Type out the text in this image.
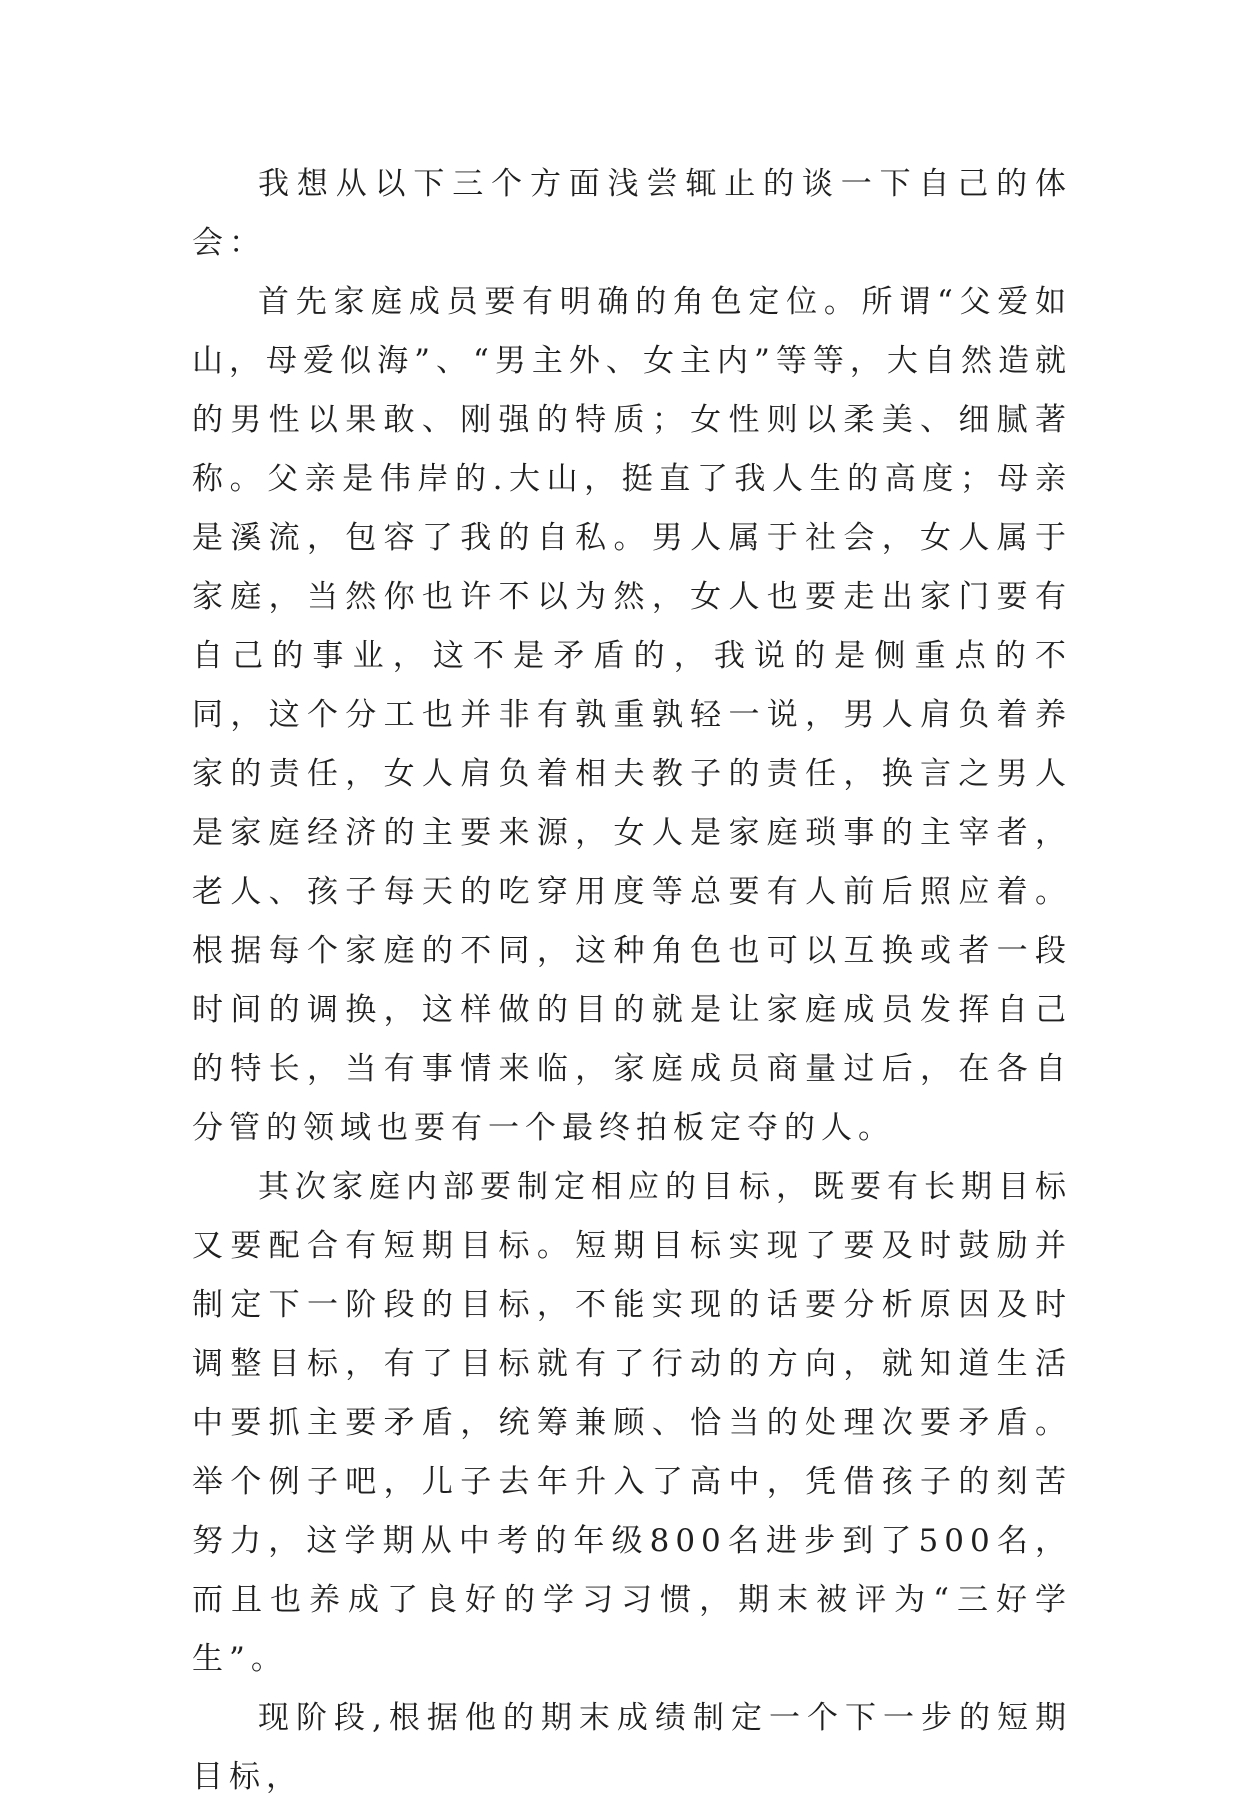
我想从以下三个方面浅尝辄止的谈一下自己的体会：

首先家庭成员要有明确的角色定位。所谓“父爱如山，母爱似海”、“男主外、女主内”等等，大自然造就的男性以果敢、刚强的特质；女性则以柔美、细腻著称。父亲是伟岸的.大山，挺直了我人生的高度；母亲是溪流，包容了我的自私。男人属于社会，女人属于家庭，当然你也许不以为然，女人也要走出家门要有自己的事业，这不是矛盾的，我说的是侧重点的不同，这个分工也并非有孰重孰轻一说，男人肩负着养家的责任，女人肩负着相夫教子的责任，换言之男人是家庭经济的主要来源，女人是家庭琐事的主宰者，老人、孩子每天的吃穿用度等总要有人前后照应着。根据每个家庭的不同，这种角色也可以互换或者一段时间的调换，这样做的目的就是让家庭成员发挥自己的特长，当有事情来临，家庭成员商量过后，在各自分管的领域也要有一个最终拍板定夺的人。

其次家庭内部要制定相应的目标，既要有长期目标又要配合有短期目标。短期目标实现了要及时鼓励并制定下一阶段的目标，不能实现的话要分析原因及时调整目标，有了目标就有了行动的方向，就知道生活中要抓主要矛盾，统筹兼顾、恰当的处理次要矛盾。举个例子吧，儿子去年升入了高中，凭借孩子的刻苦努力，这学期从中考的年级800名进步到了500名，而且也养成了良好的学习习惯，期末被评为“三好学生”。

现阶段,根据他的期末成绩制定一个下一步的短期目标，
